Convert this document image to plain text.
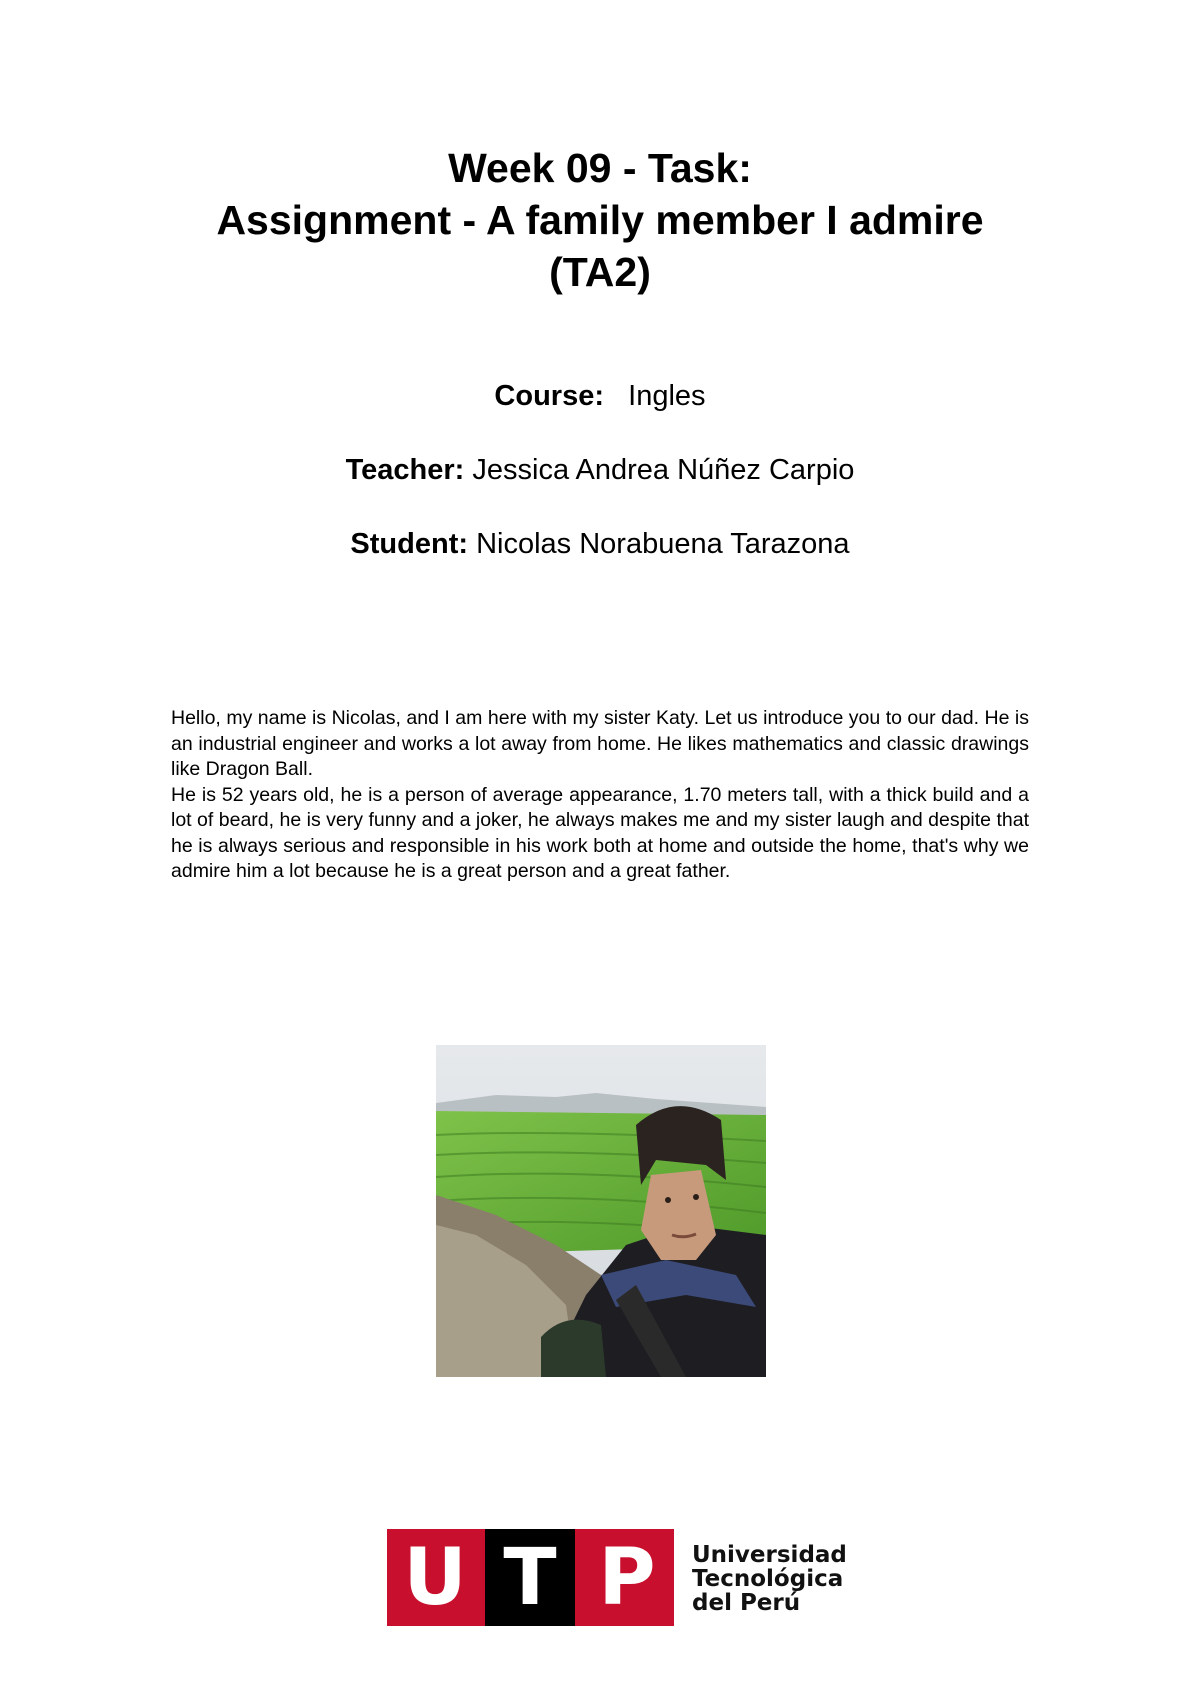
Week 09 - Task:
Assignment - A family member I admire
(TA2)

Course: Ingles

Teacher: Jessica Andrea Núñez Carpio

Student: Nicolas Norabuena Tarazona

Hello, my name is Nicolas, and I am here with my sister Katy. Let us introduce you to our dad. He is an industrial engineer and works a lot away from home. He likes mathematics and classic drawings like Dragon Ball.

He is 52 years old, he is a person of average appearance, 1.70 meters tall, with a thick build and a lot of beard, he is very funny and a joker, he always makes me and my sister laugh and despite that he is always serious and responsible in his work both at home and outside the home, that's why we admire him a lot because he is a great person and a great father.

U T P	Universidad
Tecnológica
del Perú
